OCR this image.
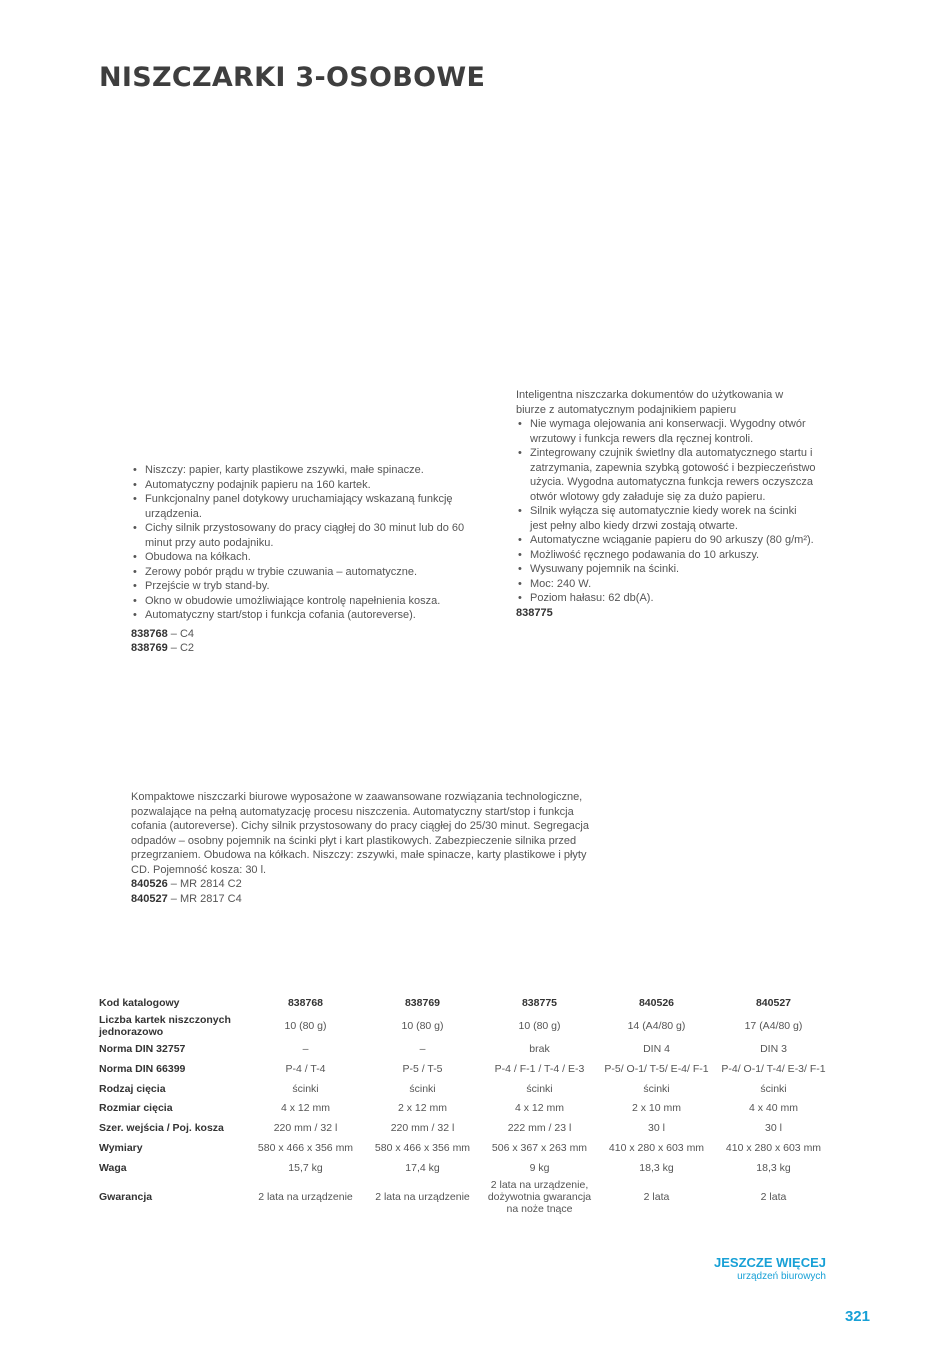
NISZCZARKI 3-OSOBOWE
• Niszczy: papier, karty plastikowe zszywki, małe spinacze.
• Automatyczny podajnik papieru na 160 kartek.
• Funkcjonalny panel dotykowy uruchamiający wskazaną funkcję urządzenia.
• Cichy silnik przystosowany do pracy ciągłej do 30 minut lub do 60 minut przy auto podajniku.
• Obudowa na kółkach.
• Zerowy pobór prądu w trybie czuwania – automatyczne.
• Przejście w tryb stand-by.
• Okno w obudowie umożliwiające kontrolę napełnienia kosza.
• Automatyczny start/stop i funkcja cofania (autoreverse).

838768 – C4

838769 – C2

Inteligentna niszczarka dokumentów do użytkowania w biurze z automatycznym podajnikiem papieru
• Nie wymaga olejowania ani konserwacji. Wygodny otwór wrzutowy i funkcja rewers dla ręcznej kontroli.
• Zintegrowany czujnik świetlny dla automatycznego startu i zatrzymania, zapewnia szybką gotowość i bezpieczeństwo użycia. Wygodna automatyczna funkcja rewers oczyszcza otwór wlotowy gdy załaduje się za dużo papieru.
• Silnik wyłącza się automatycznie kiedy worek na ścinki jest pełny albo kiedy drzwi zostają otwarte.
• Automatyczne wciąganie papieru do 90 arkuszy (80 g/m²).
• Możliwość ręcznego podawania do 10 arkuszy.
• Wysuwany pojemnik na ścinki.
• Moc: 240 W.
• Poziom hałasu: 62 db(A).

838775

Kompaktowe niszczarki biurowe wyposażone w zaawansowane rozwiązania technologiczne, pozwalające na pełną automatyzację procesu niszczenia. Automatyczny start/stop i funkcja cofania (autoreverse). Cichy silnik przystosowany do pracy ciągłej do 25/30 minut. Segregacja odpadów – osobny pojemnik na ścinki płyt i kart plastikowych. Zabezpieczenie silnika przed przegrzaniem. Obudowa na kółkach. Niszczy: zszywki, małe spinacze, karty plastikowe i płyty CD. Pojemność kosza: 30 l.

840526 – MR 2814 C2

840527 – MR 2817 C4

Kod katalogowy	838768	838769	838775	840526	840527
Liczba kartek niszczonych jednorazowo	10 (80 g)	10 (80 g)	10 (80 g)	14 (A4/80 g)	17 (A4/80 g)
Norma DIN 32757	–	–	brak	DIN 4	DIN 3
Norma DIN 66399	P-4 / T-4	P-5 / T-5	P-4 / F-1 / T-4 / E-3	P-5/ O-1/ T-5/ E-4/ F-1	P-4/ O-1/ T-4/ E-3/ F-1
Rodzaj cięcia	ścinki	ścinki	ścinki	ścinki	ścinki
Rozmiar cięcia	4 x 12 mm	2 x 12 mm	4 x 12 mm	2 x 10 mm	4 x 40 mm
Szer. wejścia / Poj. kosza	220 mm / 32 l	220 mm / 32 l	222 mm / 23 l	30 l	30 l
Wymiary	580 x 466 x 356 mm	580 x 466 x 356 mm	506 x 367 x 263 mm	410 x 280 x 603 mm	410 x 280 x 603 mm
Waga	15,7 kg	17,4 kg	9 kg	18,3 kg	18,3 kg
Gwarancja	2 lata na urządzenie	2 lata na urządzenie	2 lata na urządzenie, dożywotnia gwarancja na noże tnące	2 lata	2 lata
JESZCZE WIĘCEJ
urządzeń biurowych
321
